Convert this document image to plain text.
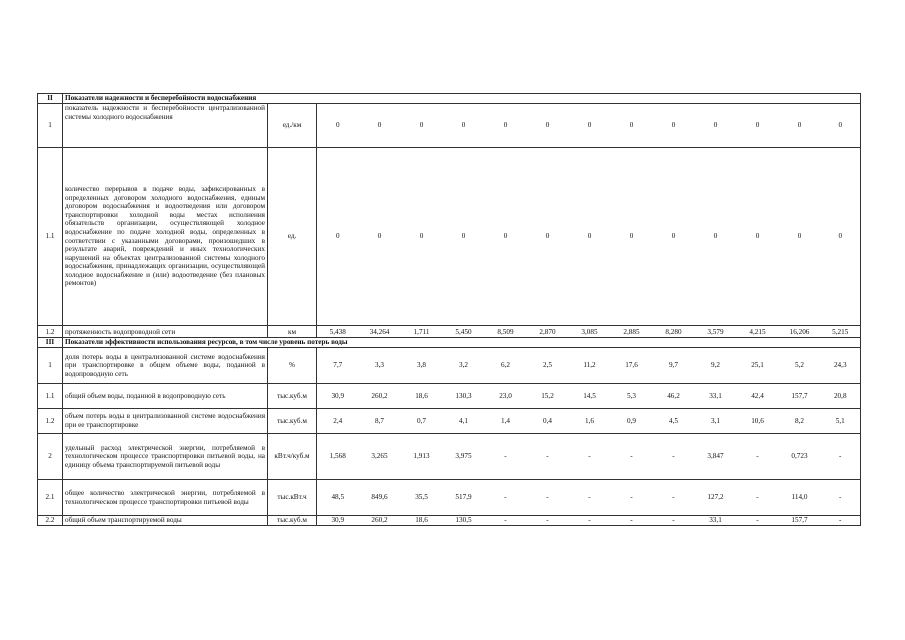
II	Показатели надежности и бесперебойности водоснабжения														
1	показатель надежности и бесперебойности централизованной системы холодного водоснабжения	ед./км	0	0	0	0	0	0	0	0	0	0	0	0	0
1.1	количество перерывов в подаче воды, зафиксированных в определенных договором холодного водоснабжения, единым договором водоснабжения и водоотведения или договором транспортировки холодной воды местах исполнения обязательств организации, осуществляющей холодное водоснабжение по подаче холодной воды, определенных в соответствии с указанными договорами, произошедших в результате аварий, повреждений и иных технологических нарушений на объектах централизованной системы холодного водоснабжения, принадлежащих организации, осуществляющей холодное водоснабжение и (или) водоотведение (без плановых ремонтов)	ед.	0	0	0	0	0	0	0	0	0	0	0	0	0
1.2	протяженность водопроводной сети	км	5,438	34,264	1,711	5,450	8,509	2,870	3,085	2,885	8,280	3,579	4,215	16,206	5,215
III	Показатели эффективности использования ресурсов, в том числе уровень потерь воды														
1	доля потерь воды в централизованной системе водоснабжения при транспортировке в общем объеме воды, поданной в водопроводную сеть	%	7,7	3,3	3,8	3,2	6,2	2,5	11,2	17,6	9,7	9,2	25,1	5,2	24,3
1.1	общий объем воды, поданной в водопроводную сеть	тыс.куб.м	30,9	260,2	18,6	130,3	23,0	15,2	14,5	5,3	46,2	33,1	42,4	157,7	20,8
1.2	объем потерь воды в централизованной системе водоснабжения при ее транспортировке	тыс.куб.м	2,4	8,7	0,7	4,1	1,4	0,4	1,6	0,9	4,5	3,1	10,6	8,2	5,1
2	удельный расход электрической энергии, потребляемой в технологическом процессе транспортировки питьевой воды, на единицу объема транспортируемой питьевой воды	кВт.ч/куб.м	1,568	3,265	1,913	3,975	-	-	-	-	-	3,847	-	0,723	-
2.1	общее количество электрической энергии, потребляемой в технологическом процессе транспортировки питьевой воды	тыс.кВт.ч	48,5	849,6	35,5	517,9	-	-	-	-	-	127,2	-	114,0	-
2.2	общий объем транспортируемой воды	тыс.куб.м	30,9	260,2	18,6	130,5	-	-	-	-	-	33,1	-	157,7	-
